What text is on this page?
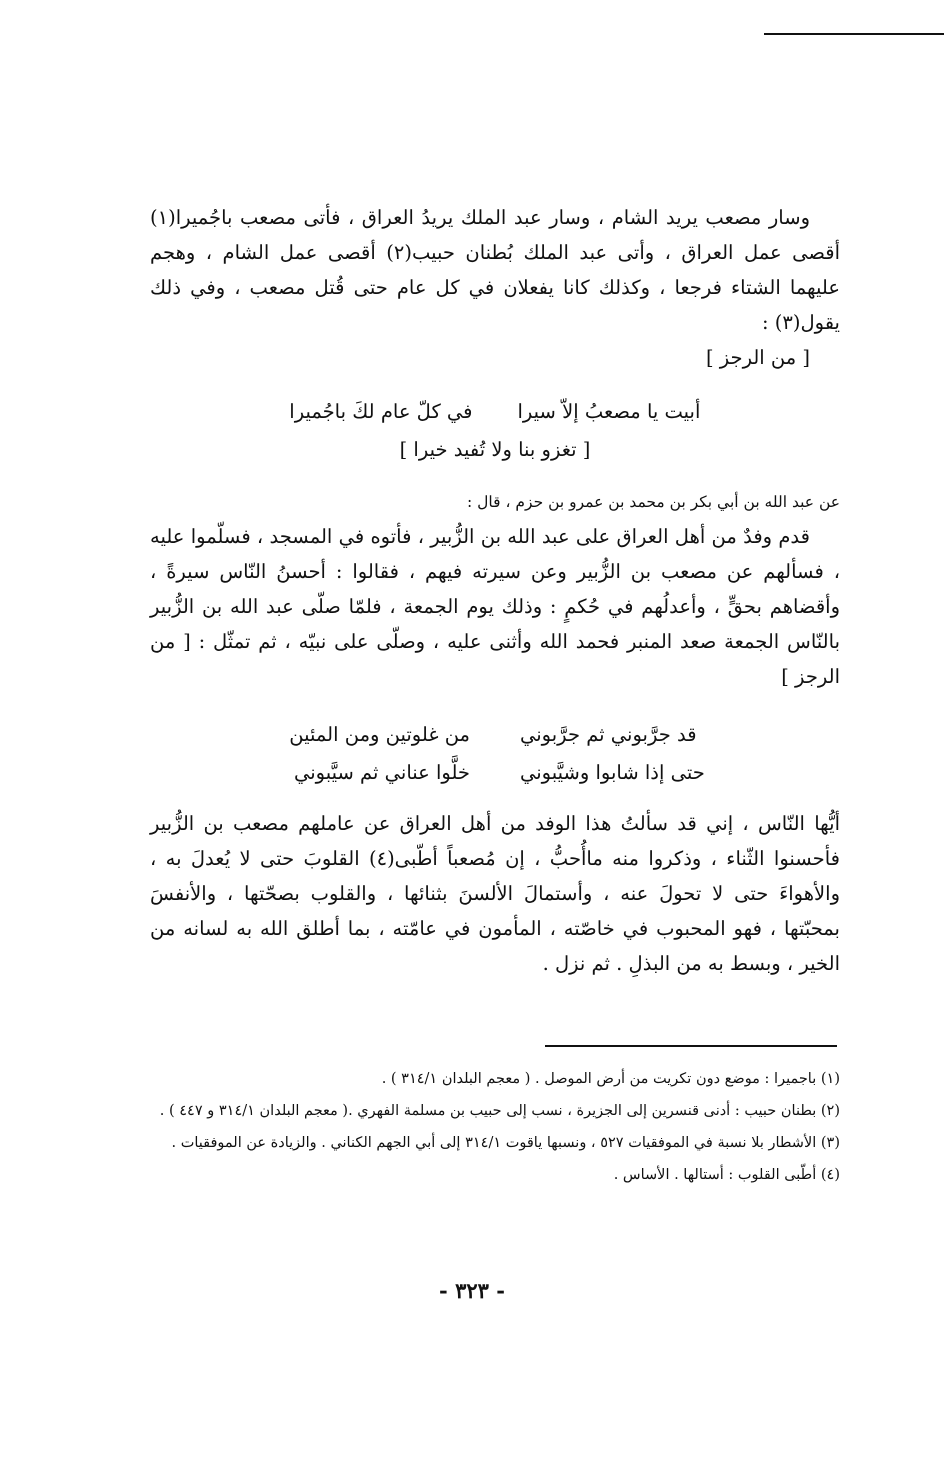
وسار مصعب يريد الشام ، وسار عبد الملك يريدُ العراق ، فأتى مصعب باجُميرا(١) أقصى عمل العراق ، وأتى عبد الملك بُطنان حبيب(٢) أقصى عمل الشام ، وهجم عليهما الشتاء فرجعا ، وكذلك كانا يفعلان في كل عام حتى قُتل مصعب ، وفي ذلك يقول(٣) :
[ من الرجز ]

أبيت يا مصعبُ إلاّ سيرا
في كلّ عام لكَ باجُميرا
[ تغزو بنا ولا تُفيد خيرا ]

عن عبد الله بن أبي بكر بن محمد بن عمرو بن حزم ، قال :

قدم وفدٌ من أهل العراق على عبد الله بن الزُّبير ، فأتوه في المسجد ، فسلّموا عليه ، فسألهم عن مصعب بن الزُّبير وعن سيرته فيهم ، فقالوا : أحسنُ النّاس سيرةً ، وأقضاهم بحقٍّ ، وأعدلُهم في حُكمٍ : وذلك يوم الجمعة ، فلمّا صلّى عبد الله بن الزُّبير بالنّاس الجمعة صعد المنبر فحمد الله وأثنى عليه ، وصلّى على نبيّه ، ثم تمثّل : [ من الرجز ]

قد جرَّبوني ثم جرَّبوني
من غلوتين ومن المئين
حتى إذا شابوا وشيَّبوني
خلَّوا عناني ثم سيَّبوني

أيُّها النّاس ، إني قد سألتُ هذا الوفد من أهل العراق عن عاملهم مصعب بن الزُّبير فأحسنوا الثّناء ، وذكروا منه ماأُحبُّ ، إن مُصعباً أطّبى(٤) القلوبَ حتى لا يُعدلَ به ، والأهواءَ حتى لا تحولَ عنه ، وأستمالَ الألسنَ بثنائها ، والقلوب بصحّتها ، والأنفسَ بمحبّتها ، فهو المحبوب في خاصّته ، المأمون في عامّته ، بما أطلق الله به لسانه من الخير ، وبسط به من البذلِ . ثم نزل .

(١) باجميرا : موضع دون تكريت من أرض الموصل . ( معجم البلدان ٣١٤/١ ) .

(٢) بطنان حبيب : أدنى قنسرين إلى الجزيرة ، نسب إلى حبيب بن مسلمة الفهري .( معجم البلدان ٣١٤/١ و ٤٤٧ ) .

(٣) الأشطار بلا نسبة في الموفقيات ٥٢٧ ، ونسبها ياقوت ٣١٤/١ إلى أبي الجهم الكناني . والزيادة عن الموفقيات .

(٤) أطّبى القلوب : أستالها . الأساس .

- ٣٢٣ -
